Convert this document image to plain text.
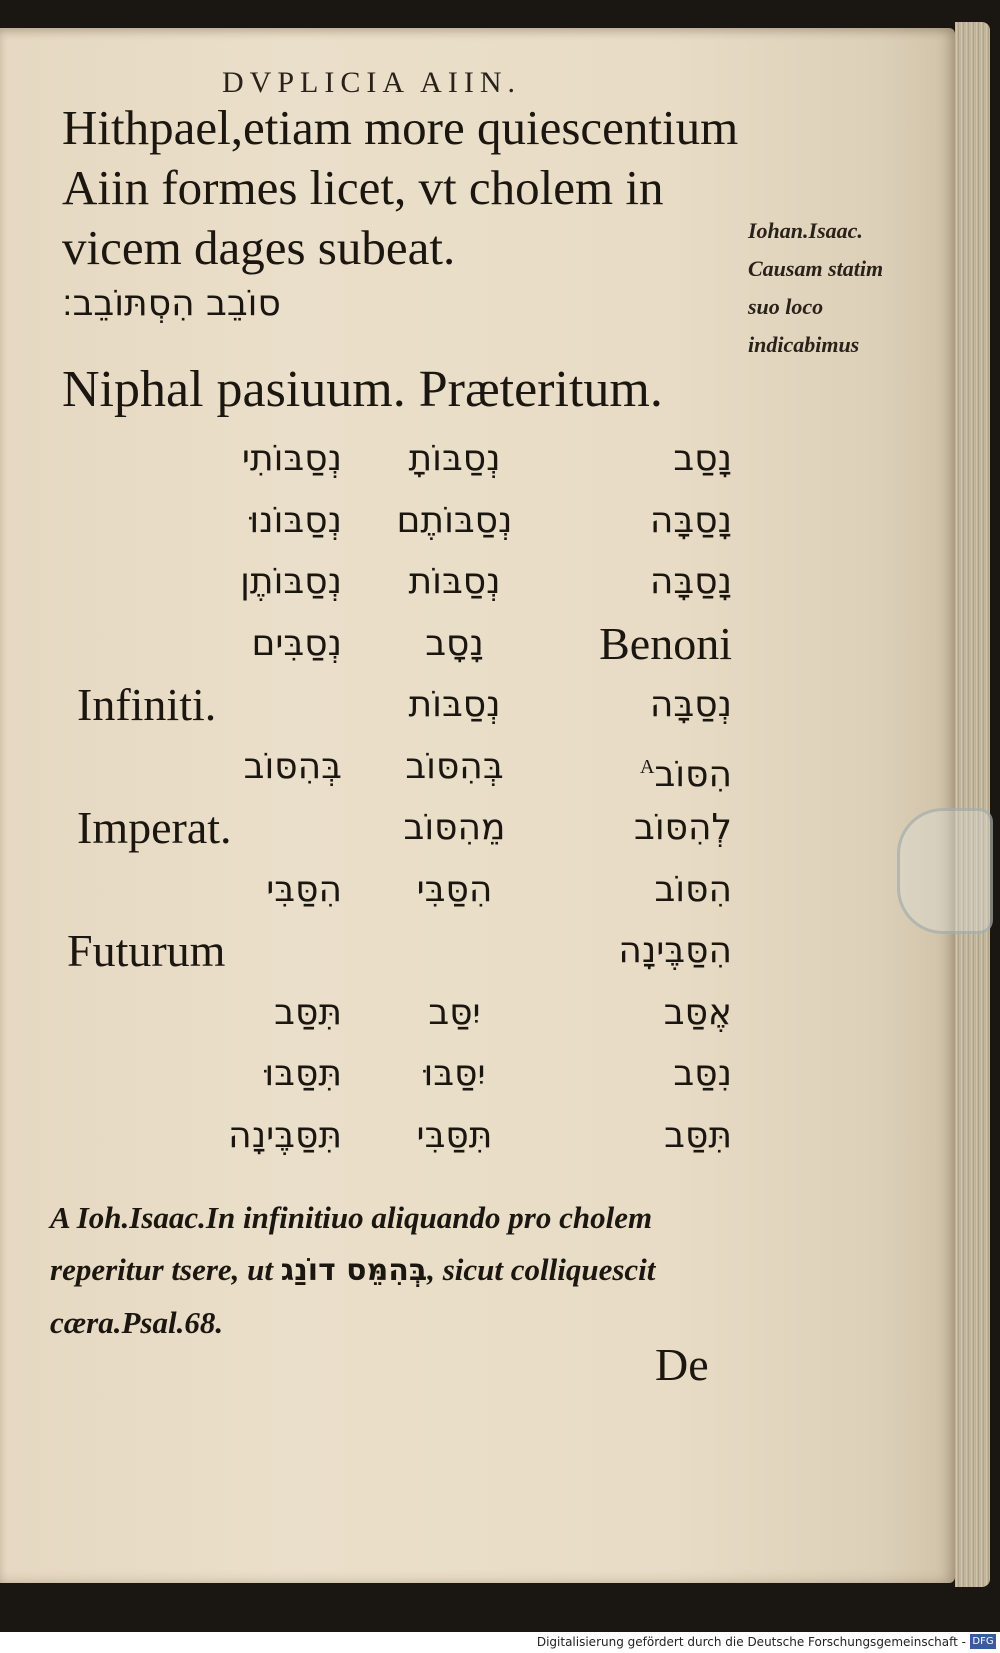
DVPLICIA AIIN.
Hithpael,etiam more quiescentium Aiin formes licet, vt cholem in vicem dages subeat.
סוֹבֵב הִסְתּוֹבֵב׃
Iohan.Isaac. Causam statim suo loco indicabimus
Niphal pasiuum. Præteritum.
נָסַב
נְסַבּוֹתָ
נְסַבּוֹתִי
נָסַבָּה
נְסַבּוֹתֶם
נְסַבּוֹנוּ
נָסַבָּה
נְסַבּוֹת
נְסַבּוֹתֶן
Benoni
נָסָב
נְסַבִּים
נְסַבָּה
נְסַבּוֹת
Infiniti.
הִסּוֹב$^A$
בְּהִסּוֹב
בְּהִסּוֹב
לְהִסּוֹב
מֵהִסּוֹב
Imperat.
הִסּוֹב
הִסַּבִּי
הִסַּבִּי
הִסַּבֶּינָה
Futurum
אֶסַּב
יִסַּב
תִּסַּב
נִסַּב
יִסַּבּוּ
תִּסַּבּוּ
תִּסַּב
תִּסַּבִּי
תִּסַּבֶּינָה
A Ioh.Isaac.In infinitiuo aliquando pro cholem reperitur tsere, ut בְּהִמֵּס דוֹנַג, sicut colliquescit cæra.Psal.68.
De
Digitalisierung gefördert durch die Deutsche Forschungsgemeinschaft - DFG
